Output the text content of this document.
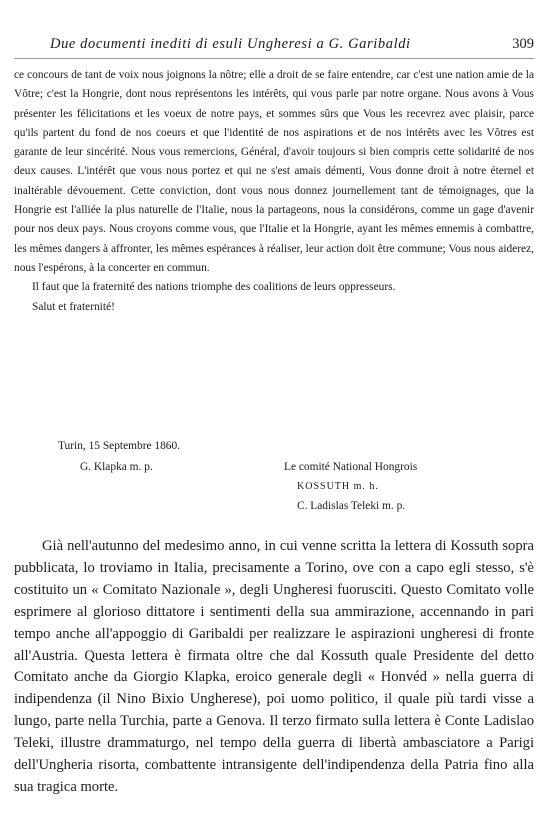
Due documenti inediti di esuli Ungheresi a G. Garibaldi	309

ce concours de tant de voix nous joignons la nôtre; elle a droit de se faire entendre, car c'est une nation amie de la Vôtre; c'est la Hongrie, dont nous représentons les intérêts, qui vous parle par notre organe. Nous avons à Vous présenter les félicitations et les voeux de notre pays, et sommes sûrs que Vous les recevrez avec plaisir, parce qu'ils partent du fond de nos coeurs et que l'identité de nos aspirations et de nos intérêts avec les Vôtres est garante de leur sincérité. Nous vous remercions, Général, d'avoir toujours si bien compris cette solidarité de nos deux causes. L'intérêt que vous nous portez et qui ne s'est amais démenti, Vous donne droit à notre éternel et inaltérable dévouement. Cette conviction, dont vous nous donnez journellement tant de témoignages, que la Hongrie est l'alliée la plus naturelle de l'Italie, nous la partageons, nous la considérons, comme un gage d'avenir pour nos deux pays. Nous croyons comme vous, que l'Italie et la Hongrie, ayant les mêmes ennemis à combattre, les mêmes dangers à affronter, les mêmes espérances à réaliser, leur action doit être commune; Vous nous aiderez, nous l'espérons, à la concerter en commun.

Il faut que la fraternité des nations triomphe des coalitions de leurs oppresseurs.

Salut et fraternité!

Turin, 15 Septembre 1860.
G. Klapka m. p.	Le comité National Hongrois
KOSSUTH m. h.
C. Ladislas Teleki m. p.

Già nell'autunno del medesimo anno, in cui venne scritta la lettera di Kossuth sopra pubblicata, lo troviamo in Italia, precisamente a Torino, ove con a capo egli stesso, s'è costituito un « Comitato Nazionale », degli Ungheresi fuorusciti. Questo Comitato volle esprimere al glorioso dittatore i sentimenti della sua ammirazione, accennando in pari tempo anche all'appoggio di Garibaldi per realizzare le aspirazioni ungheresi di fronte all'Austria. Questa lettera è firmata oltre che dal Kossuth quale Presidente del detto Comitato anche da Giorgio Klapka, eroico generale degli « Honvéd » nella guerra di indipendenza (il Nino Bixio Ungherese), poi uomo politico, il quale più tardi visse a lungo, parte nella Turchia, parte a Genova. Il terzo firmato sulla lettera è Conte Ladislao Teleki, illustre drammaturgo, nel tempo della guerra di libertà ambasciatore a Parigi dell'Ungheria risorta, combattente intransigente dell'indipendenza della Patria fino alla sua tragica morte.
